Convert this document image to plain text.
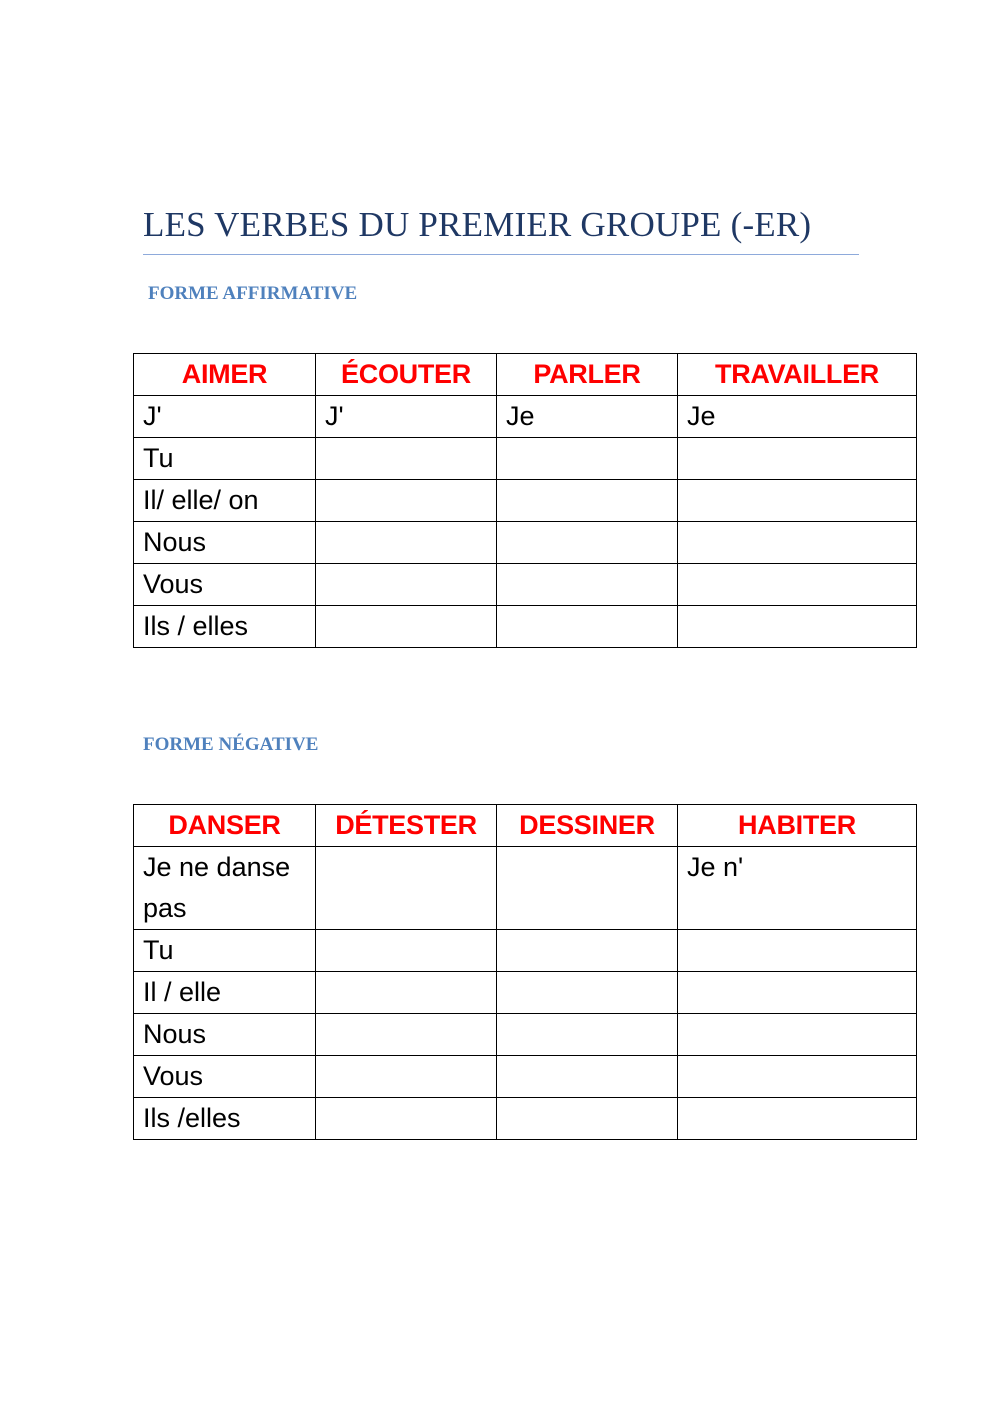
LES VERBES DU PREMIER GROUPE (-ER)
FORME AFFIRMATIVE
AIMER	ÉCOUTER	PARLER	TRAVAILLER
J'	J'	Je	Je
Tu			
Il/ elle/ on			
Nous			
Vous			
Ils / elles			
FORME NÉGATIVE
DANSER	DÉTESTER	DESSINER	HABITER
Je ne danse pas			Je n'
Tu			
Il / elle			
Nous			
Vous			
Ils /elles			
